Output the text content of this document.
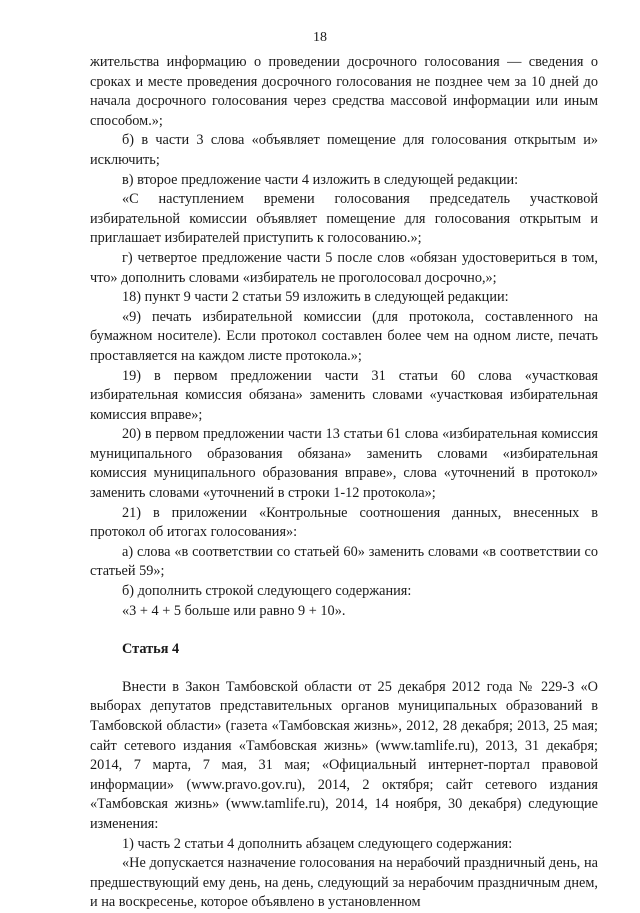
18

жительства информацию о проведении досрочного голосования — сведения о сроках и месте проведения досрочного голосования не позднее чем за 10 дней до начала досрочного голосования через средства массовой информации или иным способом.»;

б) в части 3 слова «объявляет помещение для голосования открытым и» исключить;

в) второе предложение части 4 изложить в следующей редакции:

«С наступлением времени голосования председатель участковой избирательной комиссии объявляет помещение для голосования открытым и приглашает избирателей приступить к голосованию.»;

г) четвертое предложение части 5 после слов «обязан удостовериться в том, что» дополнить словами «избиратель не проголосовал досрочно,»;

18) пункт 9 части 2 статьи 59 изложить в следующей редакции:

«9) печать избирательной комиссии (для протокола, составленного на бумажном носителе). Если протокол составлен более чем на одном листе, печать проставляется на каждом листе протокола.»;

19) в первом предложении части 31 статьи 60 слова «участковая избирательная комиссия обязана» заменить словами «участковая избирательная комиссия вправе»;

20) в первом предложении части 13 статьи 61 слова «избирательная комиссия муниципального образования обязана» заменить словами «избирательная комиссия муниципального образования вправе», слова «уточнений в протокол» заменить словами «уточнений в строки 1-12 протокола»;

21) в приложении «Контрольные соотношения данных, внесенных в протокол об итогах голосования»:

а) слова «в соответствии со статьей 60» заменить словами «в соответствии со статьей 59»;

б) дополнить строкой следующего содержания:

«3 + 4 + 5 больше или равно 9 + 10».

Статья 4

Внести в Закон Тамбовской области от 25 декабря 2012 года № 229-З «О выборах депутатов представительных органов муниципальных образований в Тамбовской области» (газета «Тамбовская жизнь», 2012, 28 декабря; 2013, 25 мая; сайт сетевого издания «Тамбовская жизнь» (www.tamlife.ru), 2013, 31 декабря; 2014, 7 марта, 7 мая, 31 мая; «Официальный интернет-портал правовой информации» (www.pravo.gov.ru), 2014, 2 октября; сайт сетевого издания «Тамбовская жизнь» (www.tamlife.ru), 2014, 14 ноября, 30 декабря) следующие изменения:

1) часть 2 статьи 4 дополнить абзацем следующего содержания:

«Не допускается назначение голосования на нерабочий праздничный день, на предшествующий ему день, на день, следующий за нерабочим праздничным днем, и на воскресенье, которое объявлено в установленном
